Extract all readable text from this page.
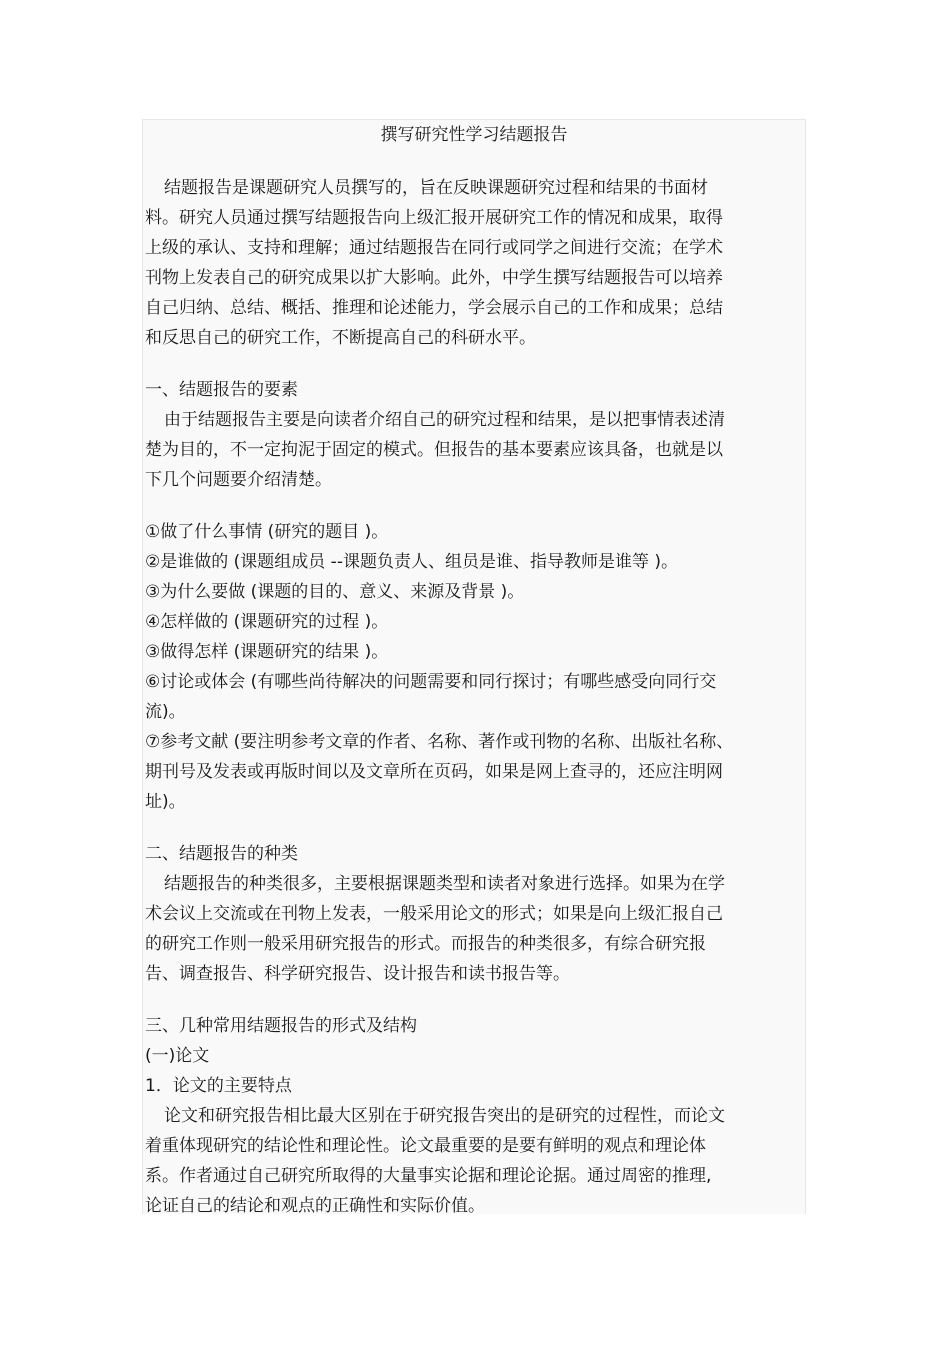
撰写研究性学习结题报告
结题报告是课题研究人员撰写的，旨在反映课题研究过程和结果的书面材
料。研究人员通过撰写结题报告向上级汇报开展研究工作的情况和成果，取得
上级的承认、支持和理解；通过结题报告在同行或同学之间进行交流；在学术
刊物上发表自己的研究成果以扩大影响。此外，中学生撰写结题报告可以培养
自己归纳、总结、概括、推理和论述能力，学会展示自己的工作和成果；总结
和反思自己的研究工作，不断提高自己的科研水平。
一、结题报告的要素
由于结题报告主要是向读者介绍自己的研究过程和结果，是以把事情表述清
楚为目的，不一定拘泥于固定的模式。但报告的基本要素应该具备，也就是以
下几个问题要介绍清楚。
①做了什么事情 (研究的题目 )。
②是谁做的 (课题组成员 --课题负责人、组员是谁、指导教师是谁等 )。
③为什么要做 (课题的目的、意义、来源及背景 )。
④怎样做的 (课题研究的过程 )。
③做得怎样 (课题研究的结果 )。
⑥讨论或体会 (有哪些尚待解决的问题需要和同行探讨；有哪些感受向同行交
流)。
⑦参考文献 (要注明参考文章的作者、名称、著作或刊物的名称、出版社名称、
期刊号及发表或再版时间以及文章所在页码，如果是网上查寻的，还应注明网
址)。
二、结题报告的种类
结题报告的种类很多，主要根据课题类型和读者对象进行选择。如果为在学
术会议上交流或在刊物上发表，一般采用论文的形式；如果是向上级汇报自己
的研究工作则一般采用研究报告的形式。而报告的种类很多，有综合研究报
告、调查报告、科学研究报告、设计报告和读书报告等。
三、几种常用结题报告的形式及结构
(一)论文
1．论文的主要特点
论文和研究报告相比最大区别在于研究报告突出的是研究的过程性，而论文
着重体现研究的结论性和理论性。论文最重要的是要有鲜明的观点和理论体
系。作者通过自己研究所取得的大量事实论据和理论论据。通过周密的推理,
论证自己的结论和观点的正确性和实际价值。
